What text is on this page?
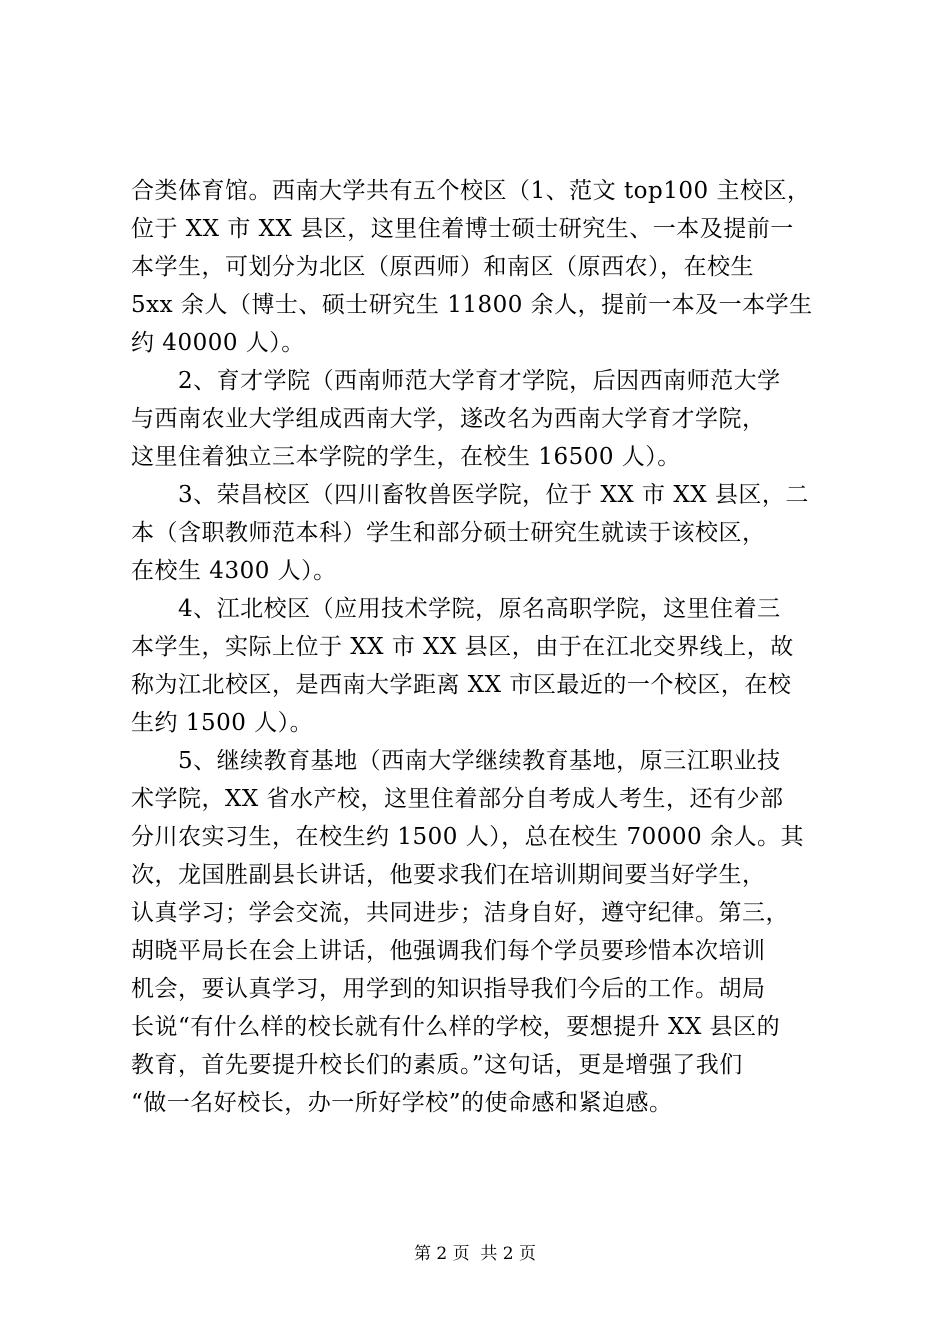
合类体育馆。西南大学共有五个校区（1、范文 top100 主校区，
位于 XX 市 XX 县区，这里住着博士硕士研究生、一本及提前一
本学生，可划分为北区（原西师）和南区（原西农），在校生
5xx 余人（博士、硕士研究生 11800 余人，提前一本及一本学生
约 40000 人）。
　　2、育才学院（西南师范大学育才学院，后因西南师范大学
与西南农业大学组成西南大学，遂改名为西南大学育才学院，
这里住着独立三本学院的学生，在校生 16500 人）。
　　3、荣昌校区（四川畜牧兽医学院，位于 XX 市 XX 县区，二
本（含职教师范本科）学生和部分硕士研究生就读于该校区，
在校生 4300 人）。
　　4、江北校区（应用技术学院，原名高职学院，这里住着三
本学生，实际上位于 XX 市 XX 县区，由于在江北交界线上，故
称为江北校区，是西南大学距离 XX 市区最近的一个校区，在校
生约 1500 人）。
　　5、继续教育基地（西南大学继续教育基地，原三江职业技
术学院，XX 省水产校，这里住着部分自考成人考生，还有少部
分川农实习生，在校生约 1500 人），总在校生 70000 余人。其
次，龙国胜副县长讲话，他要求我们在培训期间要当好学生，
认真学习；学会交流，共同进步；洁身自好，遵守纪律。第三，
胡晓平局长在会上讲话，他强调我们每个学员要珍惜本次培训
机会，要认真学习，用学到的知识指导我们今后的工作。胡局
长说“有什么样的校长就有什么样的学校，要想提升 XX 县区的
教育，首先要提升校长们的素质。”这句话，更是增强了我们
“做一名好校长，办一所好学校”的使命感和紧迫感。
第 2 页  共 2 页
